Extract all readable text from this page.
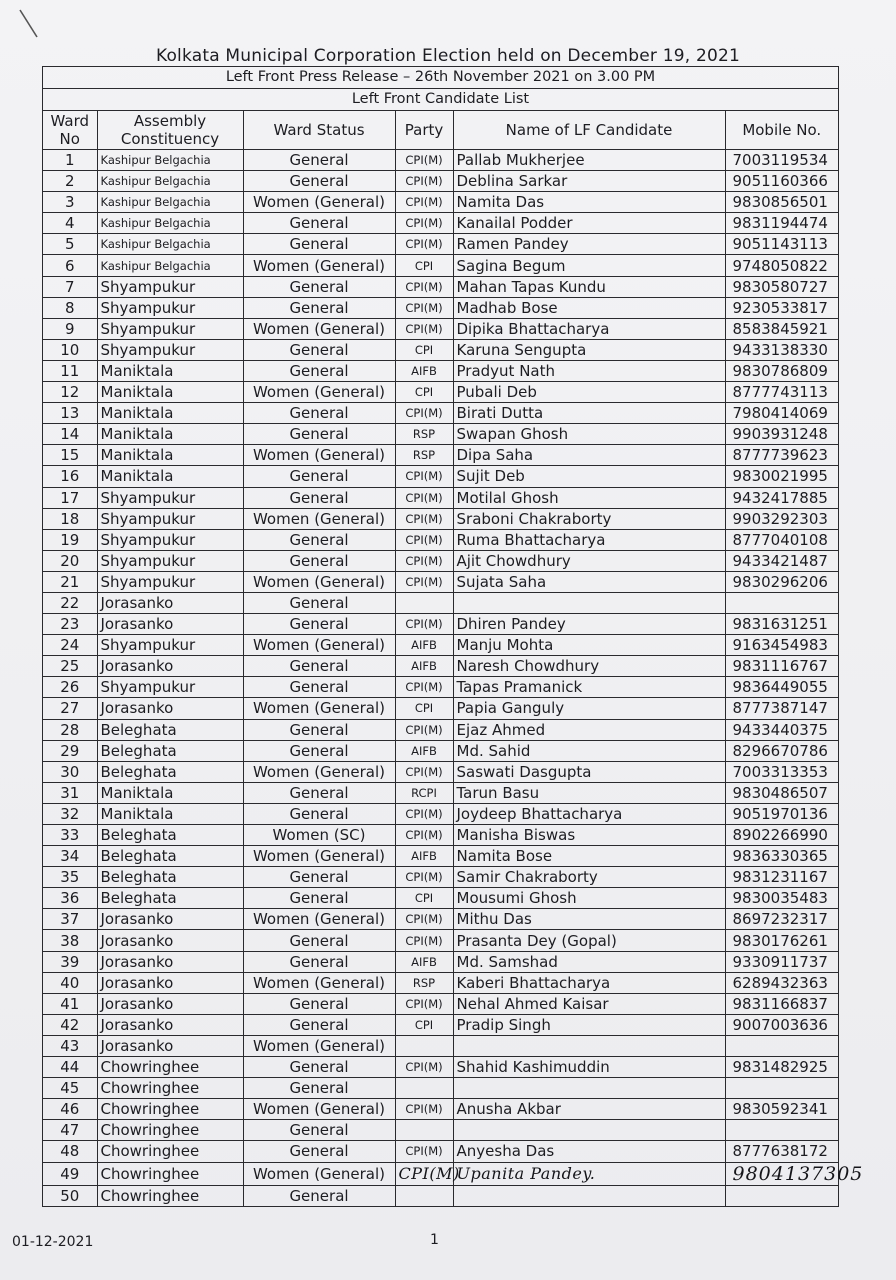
Kolkata Municipal Corporation Election held on December 19, 2021
Left Front Press Release – 26th November 2021 on 3.00 PM
Left Front Candidate List
Ward No	Assembly Constituency	Ward Status	Party	Name of LF Candidate	Mobile No.
1	Kashipur Belgachia	General	CPI(M)	Pallab Mukherjee	7003119534
2	Kashipur Belgachia	General	CPI(M)	Deblina Sarkar	9051160366
3	Kashipur Belgachia	Women (General)	CPI(M)	Namita Das	9830856501
4	Kashipur Belgachia	General	CPI(M)	Kanailal Podder	9831194474
5	Kashipur Belgachia	General	CPI(M)	Ramen Pandey	9051143113
6	Kashipur Belgachia	Women (General)	CPI	Sagina Begum	9748050822
7	Shyampukur	General	CPI(M)	Mahan Tapas Kundu	9830580727
8	Shyampukur	General	CPI(M)	Madhab Bose	9230533817
9	Shyampukur	Women (General)	CPI(M)	Dipika Bhattacharya	8583845921
10	Shyampukur	General	CPI	Karuna Sengupta	9433138330
11	Maniktala	General	AIFB	Pradyut Nath	9830786809
12	Maniktala	Women (General)	CPI	Pubali Deb	8777743113
13	Maniktala	General	CPI(M)	Birati Dutta	7980414069
14	Maniktala	General	RSP	Swapan Ghosh	9903931248
15	Maniktala	Women (General)	RSP	Dipa Saha	8777739623
16	Maniktala	General	CPI(M)	Sujit Deb	9830021995
17	Shyampukur	General	CPI(M)	Motilal Ghosh	9432417885
18	Shyampukur	Women (General)	CPI(M)	Sraboni Chakraborty	9903292303
19	Shyampukur	General	CPI(M)	Ruma Bhattacharya	8777040108
20	Shyampukur	General	CPI(M)	Ajit Chowdhury	9433421487
21	Shyampukur	Women (General)	CPI(M)	Sujata Saha	9830296206
22	Jorasanko	General			
23	Jorasanko	General	CPI(M)	Dhiren Pandey	9831631251
24	Shyampukur	Women (General)	AIFB	Manju Mohta	9163454983
25	Jorasanko	General	AIFB	Naresh Chowdhury	9831116767
26	Shyampukur	General	CPI(M)	Tapas Pramanick	9836449055
27	Jorasanko	Women (General)	CPI	Papia Ganguly	8777387147
28	Beleghata	General	CPI(M)	Ejaz Ahmed	9433440375
29	Beleghata	General	AIFB	Md. Sahid	8296670786
30	Beleghata	Women (General)	CPI(M)	Saswati Dasgupta	7003313353
31	Maniktala	General	RCPI	Tarun Basu	9830486507
32	Maniktala	General	CPI(M)	Joydeep Bhattacharya	9051970136
33	Beleghata	Women (SC)	CPI(M)	Manisha Biswas	8902266990
34	Beleghata	Women (General)	AIFB	Namita Bose	9836330365
35	Beleghata	General	CPI(M)	Samir Chakraborty	9831231167
36	Beleghata	General	CPI	Mousumi Ghosh	9830035483
37	Jorasanko	Women (General)	CPI(M)	Mithu Das	8697232317
38	Jorasanko	General	CPI(M)	Prasanta Dey (Gopal)	9830176261
39	Jorasanko	General	AIFB	Md. Samshad	9330911737
40	Jorasanko	Women (General)	RSP	Kaberi Bhattacharya	6289432363
41	Jorasanko	General	CPI(M)	Nehal Ahmed Kaisar	9831166837
42	Jorasanko	General	CPI	Pradip Singh	9007003636
43	Jorasanko	Women (General)			
44	Chowringhee	General	CPI(M)	Shahid Kashimuddin	9831482925
45	Chowringhee	General			
46	Chowringhee	Women (General)	CPI(M)	Anusha Akbar	9830592341
47	Chowringhee	General			
48	Chowringhee	General	CPI(M)	Anyesha Das	8777638172
49	Chowringhee	Women (General)	CPI(M)	Upanita Pandey.	9804137305
50	Chowringhee	General			
01-12-2021	1
